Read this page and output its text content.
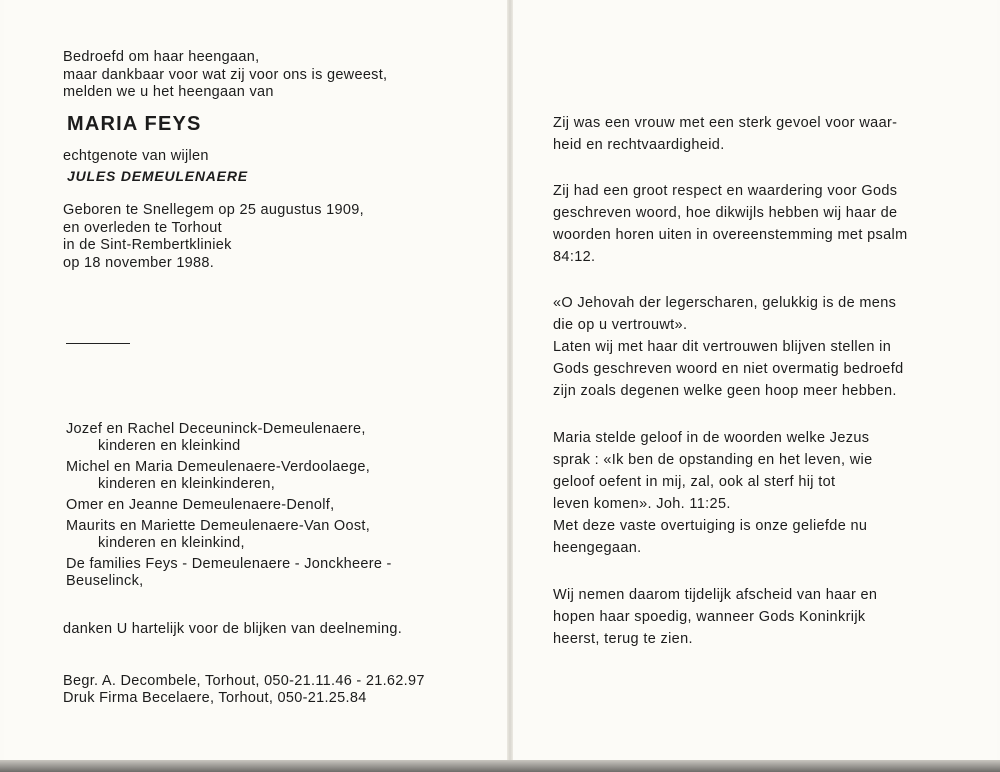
Bedroefd om haar heengaan,
maar dankbaar voor wat zij voor ons is geweest,
melden we u het heengaan van
MARIA FEYS
echtgenote van wijlen
JULES DEMEULENAERE
Geboren te Snellegem op 25 augustus 1909,
en overleden te Torhout
in de Sint-Rembertkliniek
op 18 november 1988.
Jozef en Rachel Deceuninck-Demeulenaere,
kinderen en kleinkind
Michel en Maria Demeulenaere-Verdoolaege,
kinderen en kleinkinderen,
Omer en Jeanne Demeulenaere-Denolf,
Maurits en Mariette Demeulenaere-Van Oost,
kinderen en kleinkind,
De families Feys - Demeulenaere - Jonckheere -
Beuselinck,
danken U hartelijk voor de blijken van deelneming.
Begr. A. Decombele, Torhout, 050-21.11.46 - 21.62.97
Druk Firma Becelaere, Torhout, 050-21.25.84
Zij was een vrouw met een sterk gevoel voor waar-
heid en rechtvaardigheid.
Zij had een groot respect en waardering voor Gods
geschreven woord, hoe dikwijls hebben wij haar de
woorden horen uiten in overeenstemming met psalm
84:12.
«O Jehovah der legerscharen, gelukkig is de mens
die op u vertrouwt».
Laten wij met haar dit vertrouwen blijven stellen in
Gods geschreven woord en niet overmatig bedroefd
zijn zoals degenen welke geen hoop meer hebben.
Maria stelde geloof in de woorden welke Jezus
sprak : «Ik ben de opstanding en het leven, wie
geloof oefent in mij, zal, ook al sterf hij tot
leven komen». Joh. 11:25.
Met deze vaste overtuiging is onze geliefde nu
heengegaan.
Wij nemen daarom tijdelijk afscheid van haar en
hopen haar spoedig, wanneer Gods Koninkrijk
heerst, terug te zien.
